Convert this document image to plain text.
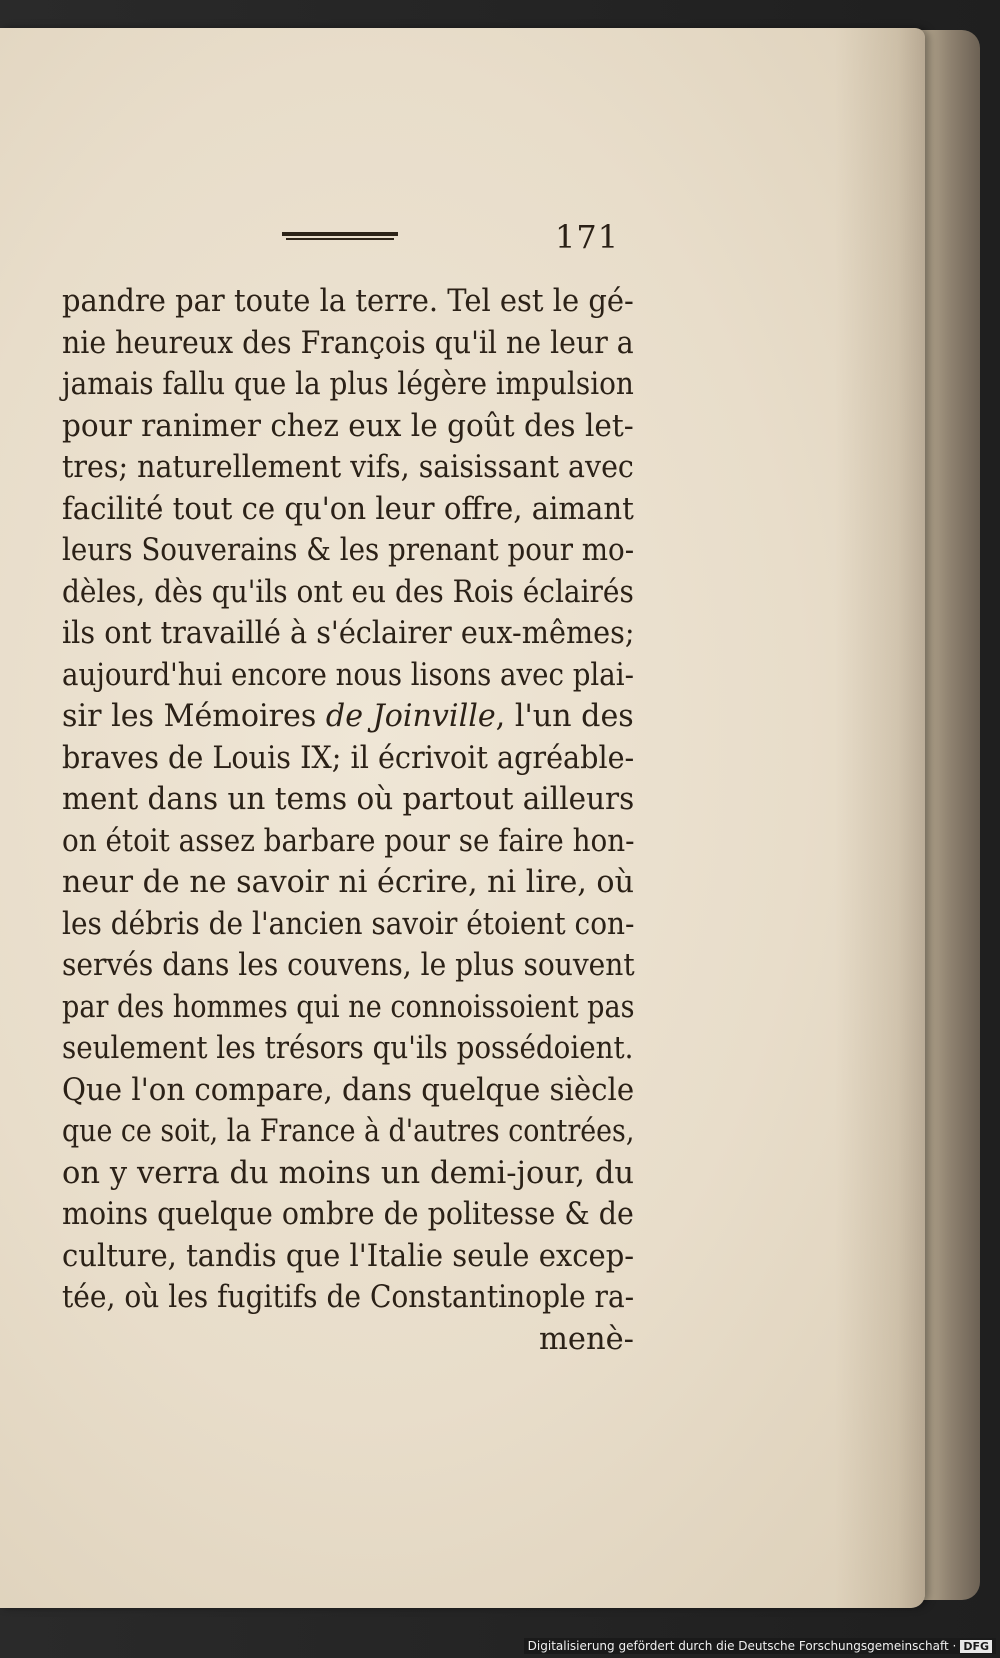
171
pandre par toute la terre. Tel est le gé-
nie heureux des François qu'il ne leur a
jamais fallu que la plus légère impulsion
pour ranimer chez eux le goût des let-
tres; naturellement vifs, saisissant avec
facilité tout ce qu'on leur offre, aimant
leurs Souverains & les prenant pour mo-
dèles, dès qu'ils ont eu des Rois éclairés
ils ont travaillé à s'éclairer eux-mêmes;
aujourd'hui encore nous lisons avec plai-
sir les Mémoires de Joinville, l'un des
braves de Louis IX; il écrivoit agréable-
ment dans un tems où partout ailleurs
on étoit assez barbare pour se faire hon-
neur de ne savoir ni écrire, ni lire, où
les débris de l'ancien savoir étoient con-
servés dans les couvens, le plus souvent
par des hommes qui ne connoissoient pas
seulement les trésors qu'ils possédoient.
Que l'on compare, dans quelque siècle
que ce soit, la France à d'autres contrées,
on y verra du moins un demi-jour, du
moins quelque ombre de politesse & de
culture, tandis que l'Italie seule excep-
tée, où les fugitifs de Constantinople ra-
menè-
Digitalisierung gefördert durch die Deutsche Forschungsgemeinschaft · DFG
